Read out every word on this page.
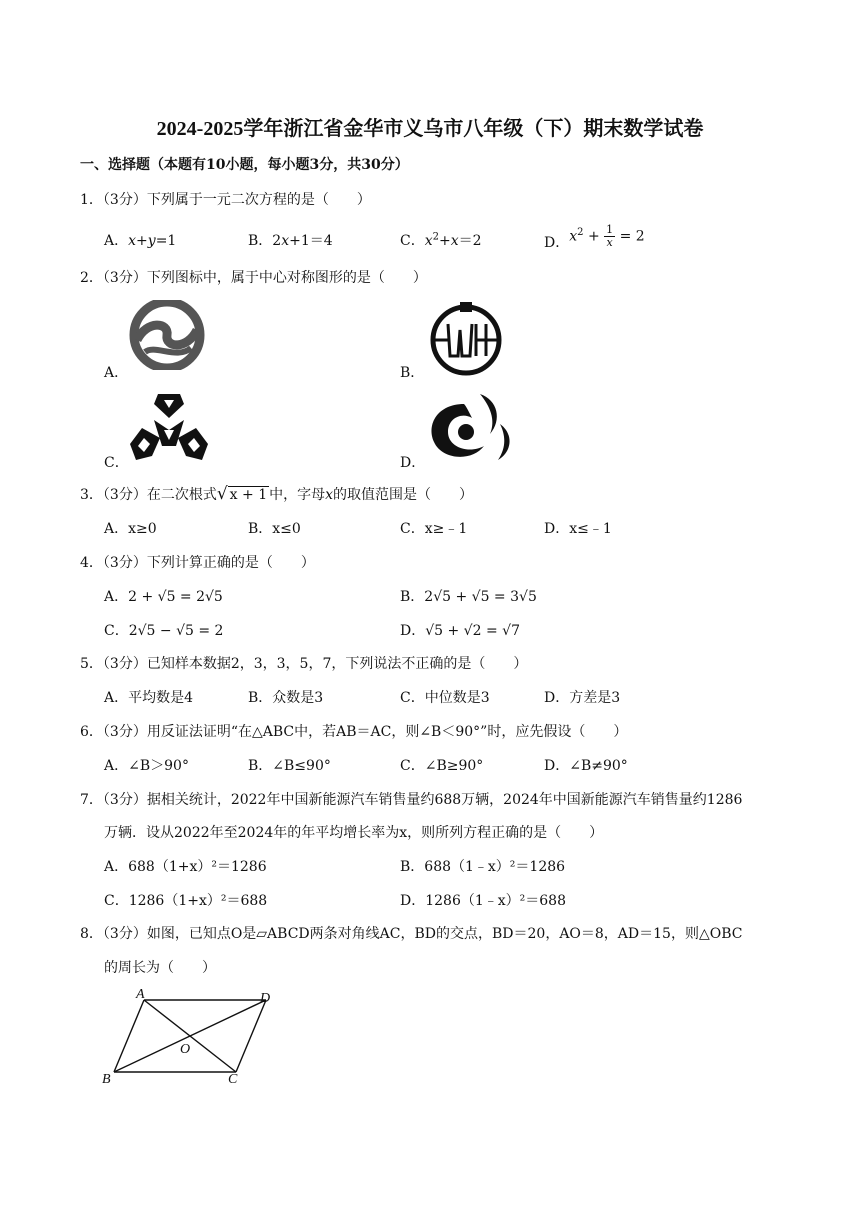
2024-2025学年浙江省金华市义乌市八年级（下）期末数学试卷
一、选择题（本题有10小题，每小题3分，共30分）
1．（3分）下列属于一元二次方程的是（　　）
A．x+y=1	B．2x+1＝4	C．$x^2+x=2$	D．$x^2 + \frac{1}{x} = 2$
2．（3分）下列图标中，属于中心对称图形的是（　　）
A．	B．
C．	D．
3．（3分）在二次根式√ x + 1 中，字母x的取值范围是（　　）
A．x≥0	B．x≤0	C．x≥﹣1	D．x≤﹣1
4．（3分）下列计算正确的是（　　）
A．2 + √5 = 2√5	B．2√5 + √5 = 3√5
C．2√5 − √5 = 2	D．√5 + √2 = √7
5．（3分）已知样本数据2，3，3，5，7，下列说法不正确的是（　　）
A．平均数是4	B．众数是3	C．中位数是3	D．方差是3
6．（3分）用反证法证明“在△ABC中，若AB＝AC，则∠B＜90°”时，应先假设（　　）
A．∠B＞90°	B．∠B≤90°	C．∠B≥90°	D．∠B≠90°
7．（3分）据相关统计，2022年中国新能源汽车销售量约688万辆，2024年中国新能源汽车销售量约1286
万辆．设从2022年至2024年的年平均增长率为x，则所列方程正确的是（　　）
A．688（1+x）²＝1286	B．688（1﹣x）²＝1286
C．1286（1+x）²＝688	D．1286（1﹣x）²＝688
8．（3分）如图，已知点O是▱ABCD两条对角线AC，BD的交点，BD＝20，AO＝8，AD＝15，则△OBC
的周长为（　　）
A	D
B	C
O
